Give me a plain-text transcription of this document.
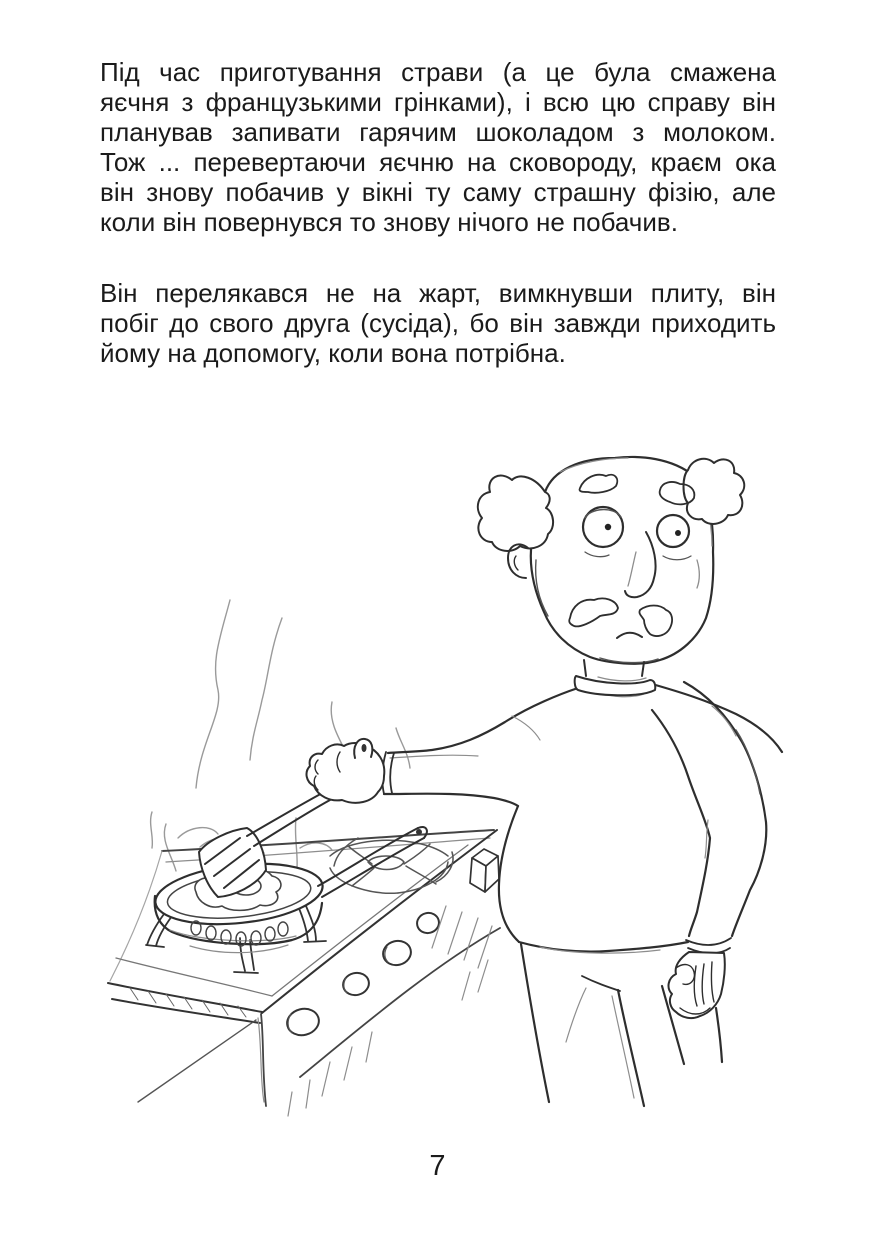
Під час приготування страви (а це була смажена
яєчня з французькими грінками), і всю цю справу він
планував запивати гарячим шоколадом з молоком.
Тож ... перевертаючи яєчню на сковороду, краєм ока
він знову побачив у вікні ту саму страшну фізію, але
коли він повернувся то знову нічого не побачив.
Він перелякався не на жарт, вимкнувши плиту, він
побіг до свого друга (сусіда), бо він завжди приходить
йому на допомогу, коли вона потрібна.
7
